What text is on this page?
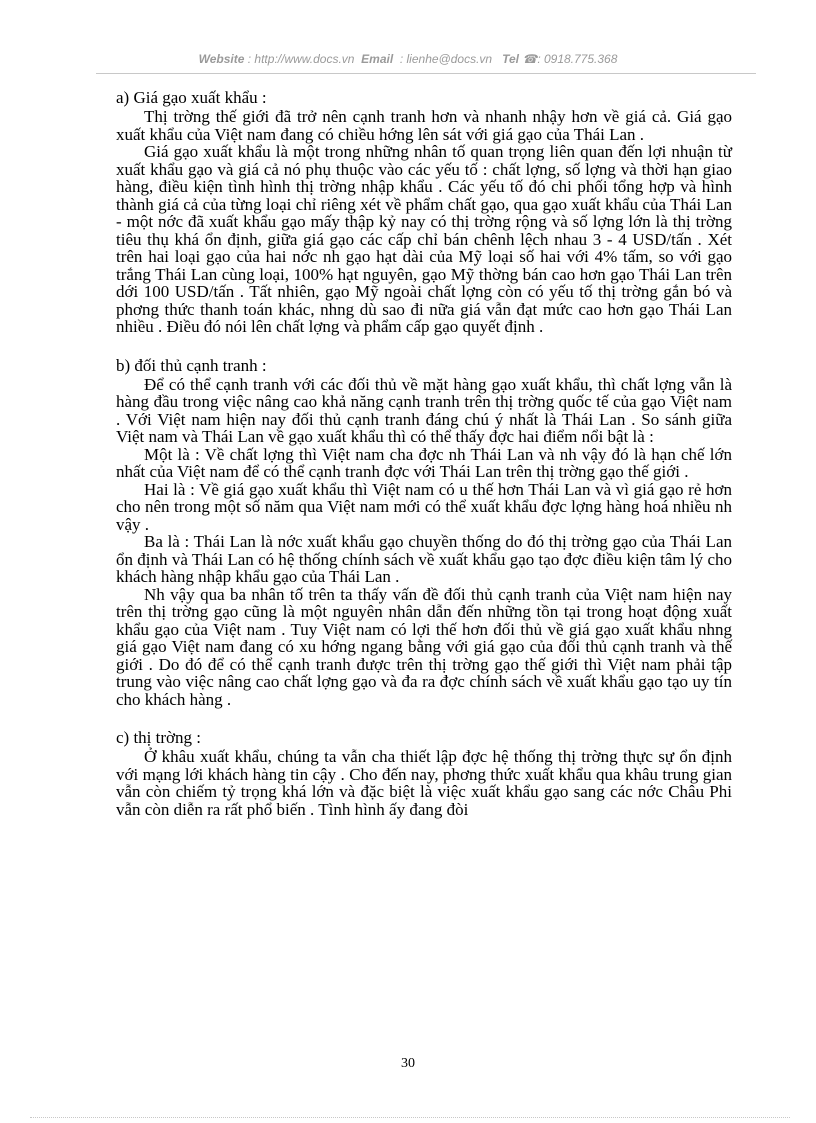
Website : http://www.docs.vn Email : lienhe@docs.vn Tel ☎: 0918.775.368
a) Giá gạo xuất khẩu :

Thị trờng thế giới đã trở nên cạnh tranh hơn và nhanh nhậy hơn về giá cả. Giá gạo xuất khẩu của Việt nam đang có chiều hớng lên sát với giá gạo của Thái Lan .

Giá gạo xuất khẩu là một trong những nhân tố quan trọng liên quan đến lợi nhuận từ xuất khẩu gạo và giá cả nó phụ thuộc vào các yếu tố : chất lợng, số lợng và thời hạn giao hàng, điều kiện tình hình thị trờng nhập khẩu . Các yếu tố đó chi phối tổng hợp và hình thành giá cả của từng loại chỉ riêng xét về phẩm chất gạo, qua gạo xuất khẩu của Thái Lan - một nớc đã xuất khẩu gạo mấy thập kỷ nay có thị trờng rộng và số lợng lớn là thị trờng tiêu thụ khá ổn định, giữa giá gạo các cấp chỉ bán chênh lệch nhau 3 - 4 USD/tấn . Xét trên hai loại gạo của hai nớc nh gạo hạt dài của Mỹ loại số hai với 4% tấm, so với gạo trắng Thái Lan cùng loại, 100% hạt nguyên, gạo Mỹ thờng bán cao hơn gạo Thái Lan trên dới 100 USD/tấn . Tất nhiên, gạo Mỹ ngoài chất lợng còn có yếu tố thị trờng gắn bó và phơng thức thanh toán khác, nhng dù sao đi nữa giá vẫn đạt mức cao hơn gạo Thái Lan nhiều . Điều đó nói lên chất lợng và phẩm cấp gạo quyết định .

b) đối thủ cạnh tranh :

Để có thể cạnh tranh với các đối thủ về mặt hàng gạo xuất khẩu, thì chất lợng vẫn là hàng đầu trong việc nâng cao khả năng cạnh tranh trên thị trờng quốc tế của gạo Việt nam . Với Việt nam hiện nay đối thủ cạnh tranh đáng chú ý nhất là Thái Lan . So sánh giữa Việt nam và Thái Lan về gạo xuất khẩu thì có thể thấy đợc hai điểm nổi bật là :

Một là : Về chất lợng thì Việt nam cha đợc nh Thái Lan và nh vậy đó là hạn chế lớn nhất của Việt nam để có thể cạnh tranh đợc với Thái Lan trên thị trờng gạo thế giới .

Hai là : Về giá gạo xuất khẩu thì Việt nam có u thế hơn Thái Lan và vì giá gạo rẻ hơn cho nên trong một số năm qua Việt nam mới có thể xuất khẩu đợc lợng hàng hoá nhiều nh vậy .

Ba là : Thái Lan là nớc xuất khẩu gạo chuyền thống do đó thị trờng gạo của Thái Lan ổn định và Thái Lan có hệ thống chính sách về xuất khẩu gạo tạo đợc điều kiện tâm lý cho khách hàng nhập khẩu gạo của Thái Lan .

Nh vậy qua ba nhân tố trên ta thấy vấn đề đối thủ cạnh tranh của Việt nam hiện nay trên thị trờng gạo cũng là một nguyên nhân dẫn đến những tồn tại trong hoạt động xuất khẩu gạo của Việt nam . Tuy Việt nam có lợi thế hơn đối thủ về giá gạo xuất khẩu nhng giá gạo Việt nam đang có xu hớng ngang bằng với giá gạo của đối thủ cạnh tranh và thế giới . Do đó để có thể cạnh tranh được trên thị trờng gạo thế giới thì Việt nam phải tập trung vào việc nâng cao chất lợng gạo và đa ra đợc chính sách về xuất khẩu gạo tạo uy tín cho khách hàng .

c) thị trờng :

Ở khâu xuất khẩu, chúng ta vẫn cha thiết lập đợc hệ thống thị trờng thực sự ổn định với mạng lới khách hàng tin cậy . Cho đến nay, phơng thức xuất khẩu qua khâu trung gian vẫn còn chiếm tỷ trọng khá lớn và đặc biệt là việc xuất khẩu gạo sang các nớc Châu Phi vẫn còn diễn ra rất phổ biến . Tình hình ấy đang đòi

30
